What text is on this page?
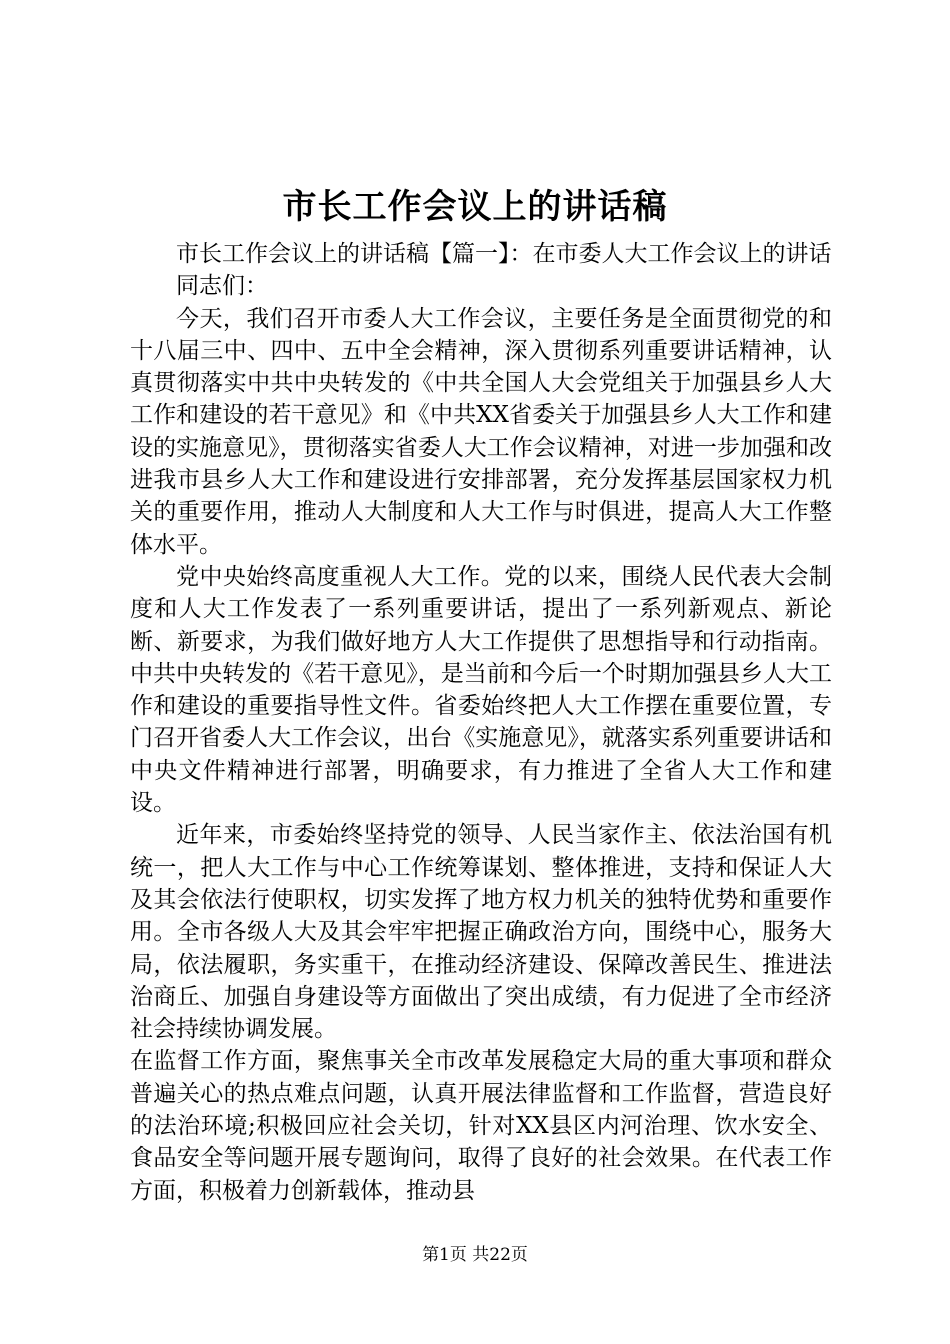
市长工作会议上的讲话稿

市长工作会议上的讲话稿【篇一】：在市委人大工作会议上的讲话

同志们：

今天，我们召开市委人大工作会议，主要任务是全面贯彻党的和十八届三中、四中、五中全会精神，深入贯彻系列重要讲话精神，认真贯彻落实中共中央转发的《中共全国人大会党组关于加强县乡人大工作和建设的若干意见》和《中共XX省委关于加强县乡人大工作和建设的实施意见》，贯彻落实省委人大工作会议精神，对进一步加强和改进我市县乡人大工作和建设进行安排部署，充分发挥基层国家权力机关的重要作用，推动人大制度和人大工作与时俱进，提高人大工作整体水平。

党中央始终高度重视人大工作。党的以来，围绕人民代表大会制度和人大工作发表了一系列重要讲话，提出了一系列新观点、新论断、新要求，为我们做好地方人大工作提供了思想指导和行动指南。中共中央转发的《若干意见》，是当前和今后一个时期加强县乡人大工作和建设的重要指导性文件。省委始终把人大工作摆在重要位置，专门召开省委人大工作会议，出台《实施意见》，就落实系列重要讲话和中央文件精神进行部署，明确要求，有力推进了全省人大工作和建设。

近年来，市委始终坚持党的领导、人民当家作主、依法治国有机统一，把人大工作与中心工作统筹谋划、整体推进，支持和保证人大及其会依法行使职权，切实发挥了地方权力机关的独特优势和重要作用。全市各级人大及其会牢牢把握正确政治方向，围绕中心，服务大局，依法履职，务实重干，在推动经济建设、保障改善民生、推进法治商丘、加强自身建设等方面做出了突出成绩，有力促进了全市经济社会持续协调发展。

在监督工作方面，聚焦事关全市改革发展稳定大局的重大事项和群众普遍关心的热点难点问题，认真开展法律监督和工作监督，营造良好的法治环境;积极回应社会关切，针对XX县区内河治理、饮水安全、食品安全等问题开展专题询问，取得了良好的社会效果。在代表工作方面，积极着力创新载体，推动县

第1页 共22页
